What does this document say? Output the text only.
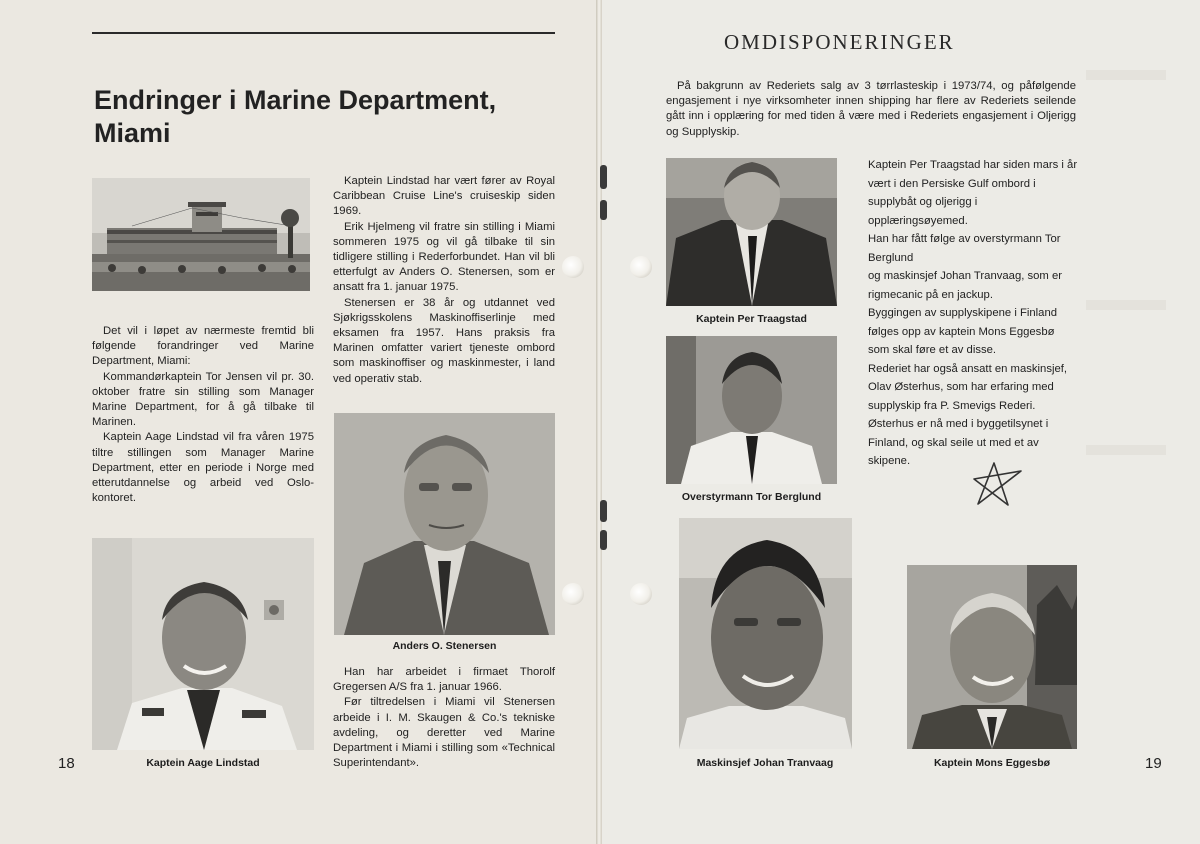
Endringer i Marine Department, Miami

Det vil i løpet av nærmeste fremtid bli følgende forandringer ved Marine Department, Miami:

Kommandørkaptein Tor Jensen vil pr. 30. oktober fratre sin stilling som Manager Marine Department, for å gå tilbake til Marinen.

Kaptein Aage Lindstad vil fra våren 1975 tiltre stillingen som Manager Marine Department, etter en periode i Norge med etterutdannelse og arbeid ved Oslo-kontoret.

Kaptein Lindstad har vært fører av Royal Caribbean Cruise Line's cruiseskip siden 1969.

Erik Hjelmeng vil fratre sin stilling i Miami sommeren 1975 og vil gå tilbake til sin tidligere stilling i Rederforbundet. Han vil bli etterfulgt av Anders O. Stenersen, som er ansatt fra 1. januar 1975.

Stenersen er 38 år og utdannet ved Sjøkrigsskolens Maskinoffiserlinje med eksamen fra 1957. Hans praksis fra Marinen omfatter variert tjeneste ombord som maskinoffiser og maskinmester, i land ved operativ stab.

Anders O. Stenersen

Han har arbeidet i firmaet Thorolf Gregersen A/S fra 1. januar 1966.

Før tiltredelsen i Miami vil Stenersen arbeide i I. M. Skaugen & Co.'s tekniske avdeling, og deretter ved Marine Department i Miami i stilling som «Technical Superintendant».

Kaptein Aage Lindstad
18
OMDISPONERINGER

På bakgrunn av Rederiets salg av 3 tørrlasteskip i 1973/74, og påfølgende engasjement i nye virksomheter innen shipping har flere av Rederiets seilende gått inn i opplæring for med tiden å være med i Rederiets engasjement i Oljerigg og Supplyskip.

Kaptein Per Traagstad
Overstyrmann Tor Berglund

Kaptein Per Traagstad har siden mars i år vært i den Persiske Gulf ombord i supplybåt og oljerigg i opplæringsøyemed.

Han har fått følge av overstyrmann Tor Berglund

og maskinsjef Johan Tranvaag, som er rigmecanic på en jackup.

Byggingen av supplyskipene i Finland følges opp av kaptein Mons Eggesbø som skal føre et av disse.

Rederiet har også ansatt en maskinsjef, Olav Østerhus, som har erfaring med supplyskip fra P. Smevigs Rederi. Østerhus er nå med i byggetilsynet i Finland, og skal seile ut med et av skipene.

Maskinsjef Johan Tranvaag	Kaptein Mons Eggesbø	19
